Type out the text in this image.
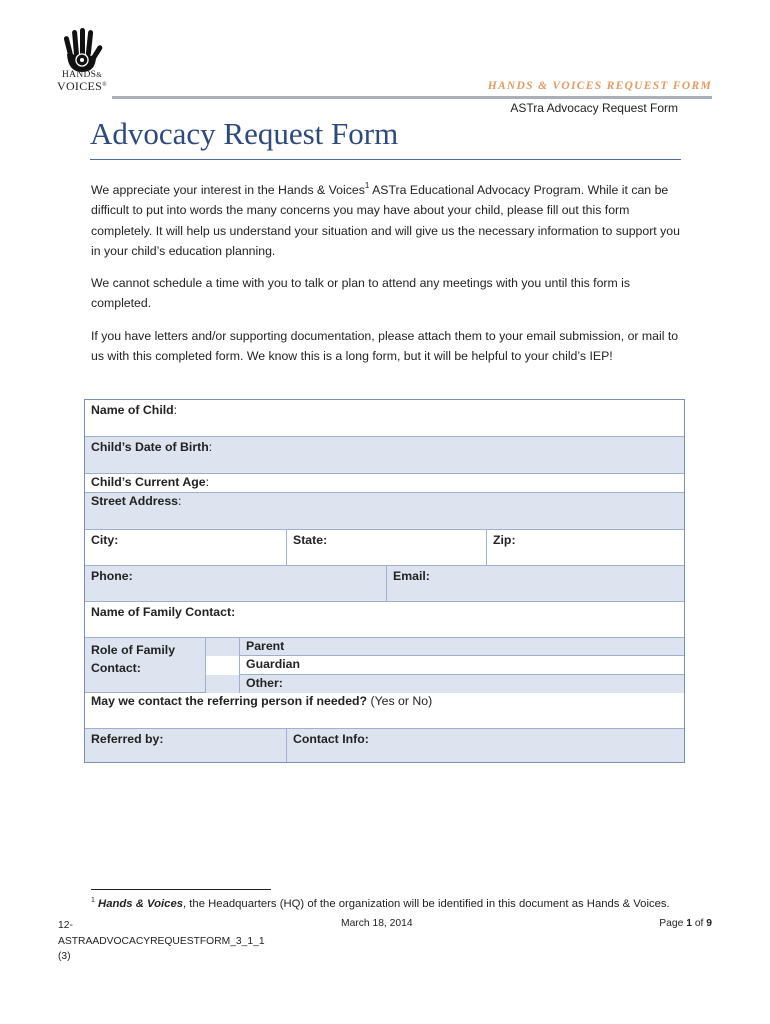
HANDS&
VOICES®	HANDS & VOICES REQUEST FORM
ASTra Advocacy Request Form
Advocacy Request Form

We appreciate your interest in the Hands & Voices$^1$ ASTra Educational Advocacy Program. While it can be difficult to put into words the many concerns you may have about your child, please fill out this form completely. It will help us understand your situation and will give us the necessary information to support you in your child’s education planning.

We cannot schedule a time with you to talk or plan to attend any meetings with you until this form is completed.

If you have letters and/or supporting documentation, please attach them to your email submission, or mail to us with this completed form. We know this is a long form, but it will be helpful to your child’s IEP!

Name of Child:
Child’s Date of Birth:
Child’s Current Age:
Street Address:
City:	State:	Zip:
Phone:	Email:
Name of Family Contact:
Role of Family Contact:
Parent
Guardian
Other:
May we contact the referring person if needed? (Yes or No)
Referred by:	Contact Info:

$^1$ Hands & Voices, the Headquarters (HQ) of the organization will be identified in this document as Hands & Voices.

12-
ASTRAADVOCACYREQUESTFORM_3_1_1
(3)
March 18, 2014	Page 1 of 9
